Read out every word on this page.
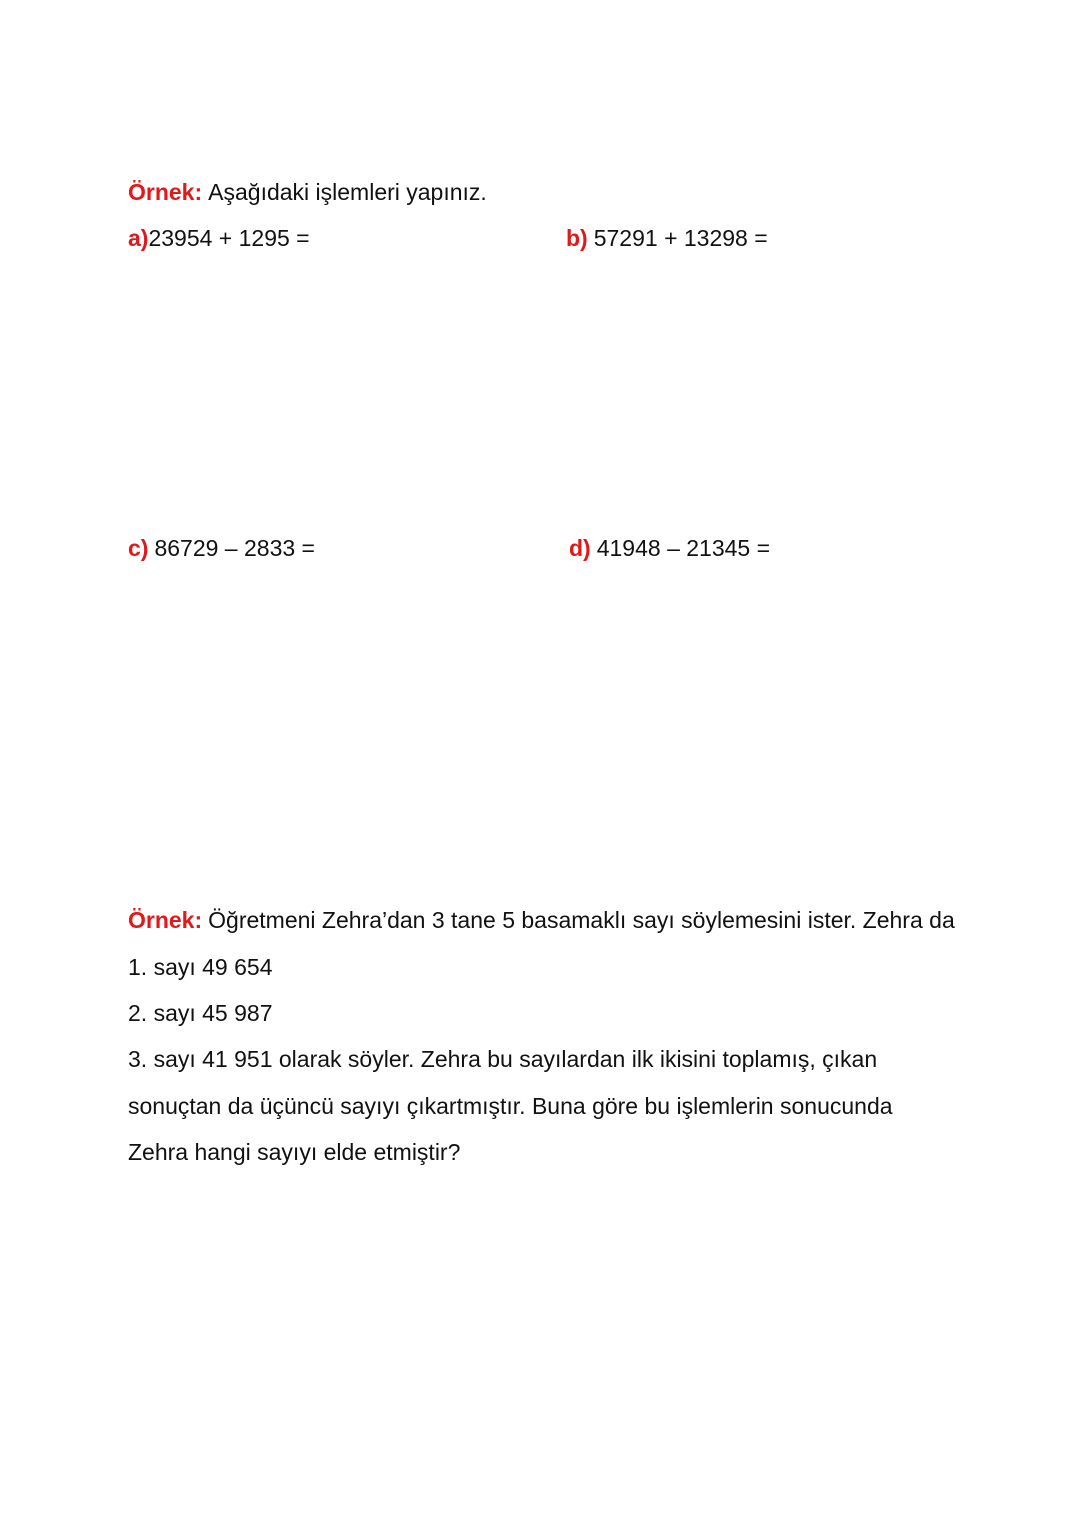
Örnek: Aşağıdaki işlemleri yapınız.
a)23954 + 1295 =	b) 57291 + 13298 =
c) 86729 – 2833 =	d) 41948 – 21345 =
Örnek: Öğretmeni Zehra’dan 3 tane 5 basamaklı sayı söylemesini ister. Zehra da
1. sayı 49 654
2. sayı 45 987
3. sayı 41 951 olarak söyler. Zehra bu sayılardan ilk ikisini toplamış, çıkan
sonuçtan da üçüncü sayıyı çıkartmıştır. Buna göre bu işlemlerin sonucunda
Zehra hangi sayıyı elde etmiştir?
